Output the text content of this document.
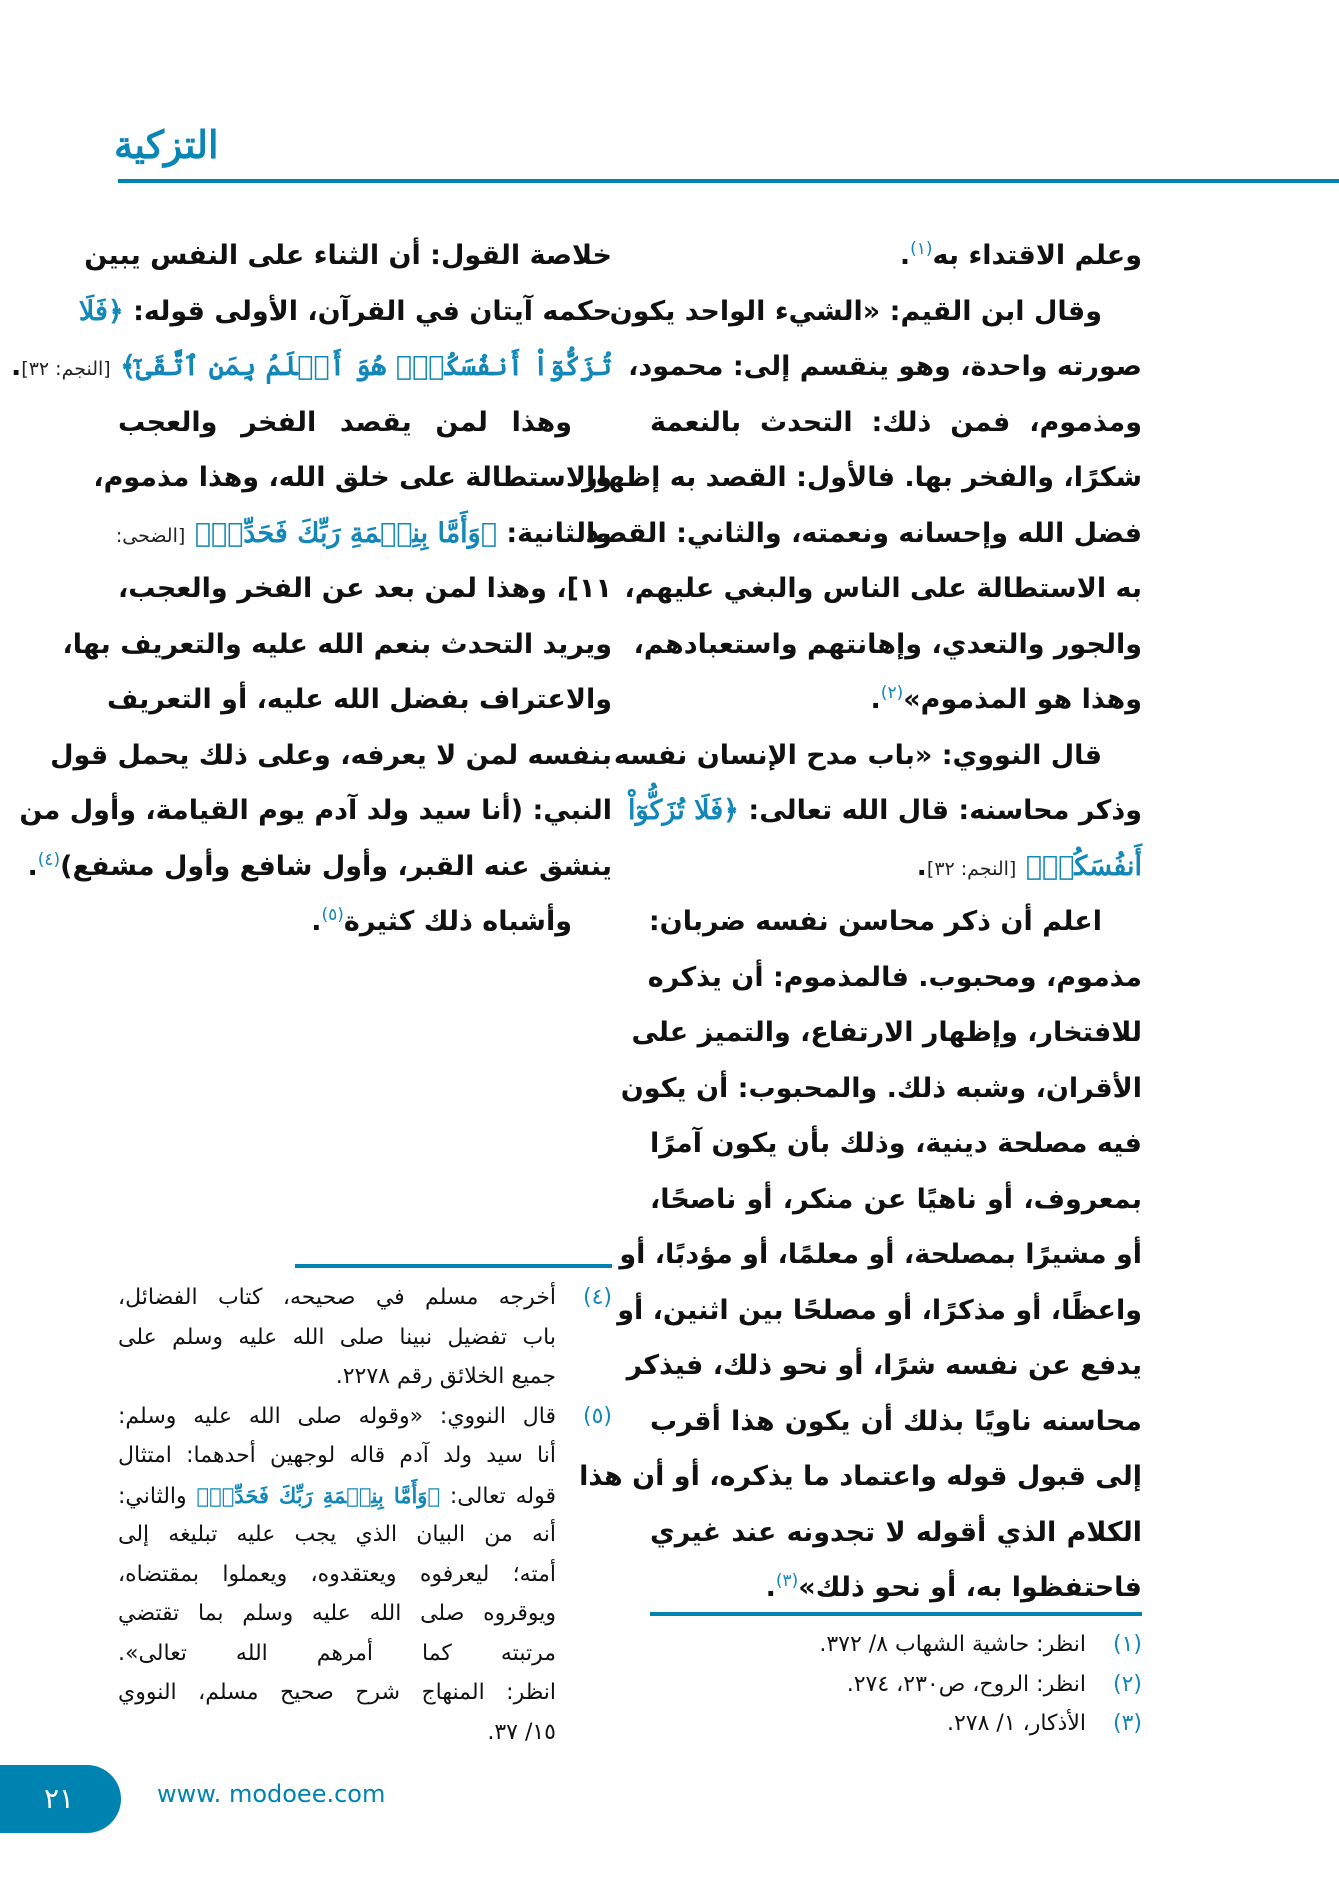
التزكية
وعلم الاقتداء به$^{(١)}$.
وقال ابن القيم: «الشيء الواحد يكون
صورته واحدة، وهو ينقسم إلى: محمود،
ومذموم، فمن ذلك: التحدث بالنعمة
شكرًا، والفخر بها. فالأول: القصد به إظهار
فضل الله وإحسانه ونعمته، والثاني: القصد
به الاستطالة على الناس والبغي عليهم،
والجور والتعدي، وإهانتهم واستعبادهم،
وهذا هو المذموم»$^{(٢)}$.
قال النووي: «باب مدح الإنسان نفسه
وذكر محاسنه: قال الله تعالى: ﴿فَلَا تُزَكُّوٓاْ
أَنفُسَكُمۡ﴾ [النجم: ٣٢].
اعلم أن ذكر محاسن نفسه ضربان:
مذموم، ومحبوب. فالمذموم: أن يذكره
للافتخار، وإظهار الارتفاع، والتميز على
الأقران، وشبه ذلك. والمحبوب: أن يكون
فيه مصلحة دينية، وذلك بأن يكون آمرًا
بمعروف، أو ناهيًا عن منكر، أو ناصحًا،
أو مشيرًا بمصلحة، أو معلمًا، أو مؤدبًا، أو
واعظًا، أو مذكرًا، أو مصلحًا بين اثنين، أو
يدفع عن نفسه شرًا، أو نحو ذلك، فيذكر
محاسنه ناويًا بذلك أن يكون هذا أقرب
إلى قبول قوله واعتماد ما يذكره، أو أن هذا
الكلام الذي أقوله لا تجدونه عند غيري
فاحتفظوا به، أو نحو ذلك»$^{(٣)}$.
خلاصة القول: أن الثناء على النفس يبين
حكمه آيتان في القرآن، الأولى قوله: ﴿فَلَا
تُزَكُّوٓاْ أَنفُسَكُمۡۖ هُوَ أَعۡلَمُ بِمَنِ ٱتَّقَىٰٓ﴾ [النجم: ٣٢].
وهذا لمن يقصد الفخر والعجب
والاستطالة على خلق الله، وهذا مذموم،
والثانية: ﴿وَأَمَّا بِنِعۡمَةِ رَبِّكَ فَحَدِّثۡ﴾ [الضحى:
١١]، وهذا لمن بعد عن الفخر والعجب،
ويريد التحدث بنعم الله عليه والتعريف بها،
والاعتراف بفضل الله عليه، أو التعريف
بنفسه لمن لا يعرفه، وعلى ذلك يحمل قول
النبي: (أنا سيد ولد آدم يوم القيامة، وأول من
ينشق عنه القبر، وأول شافع وأول مشفع)$^{(٤)}$.
وأشباه ذلك كثيرة$^{(٥)}$.
(١)
انظر: حاشية الشهاب ٨/ ٣٧٢.
(٢)
انظر: الروح، ص٢٣٠، ٢٧٤.
(٣)
الأذكار، ١/ ٢٧٨.
(٤)
أخرجه مسلم في صحيحه، كتاب الفضائل،
باب تفضيل نبينا صلى الله عليه وسلم على
جميع الخلائق رقم ٢٢٧٨.
(٥)
قال النووي: «وقوله صلى الله عليه وسلم:
أنا سيد ولد آدم قاله لوجهين أحدهما: امتثال
قوله تعالى: ﴿وَأَمَّا بِنِعۡمَةِ رَبِّكَ فَحَدِّثۡ﴾ والثاني:
أنه من البيان الذي يجب عليه تبليغه إلى
أمته؛ ليعرفوه ويعتقدوه، ويعملوا بمقتضاه،
ويوقروه صلى الله عليه وسلم بما تقتضي
مرتبته كما أمرهم الله تعالى».
انظر: المنهاج شرح صحيح مسلم، النووي
١٥/ ٣٧.
٢١	www. modoee.com
